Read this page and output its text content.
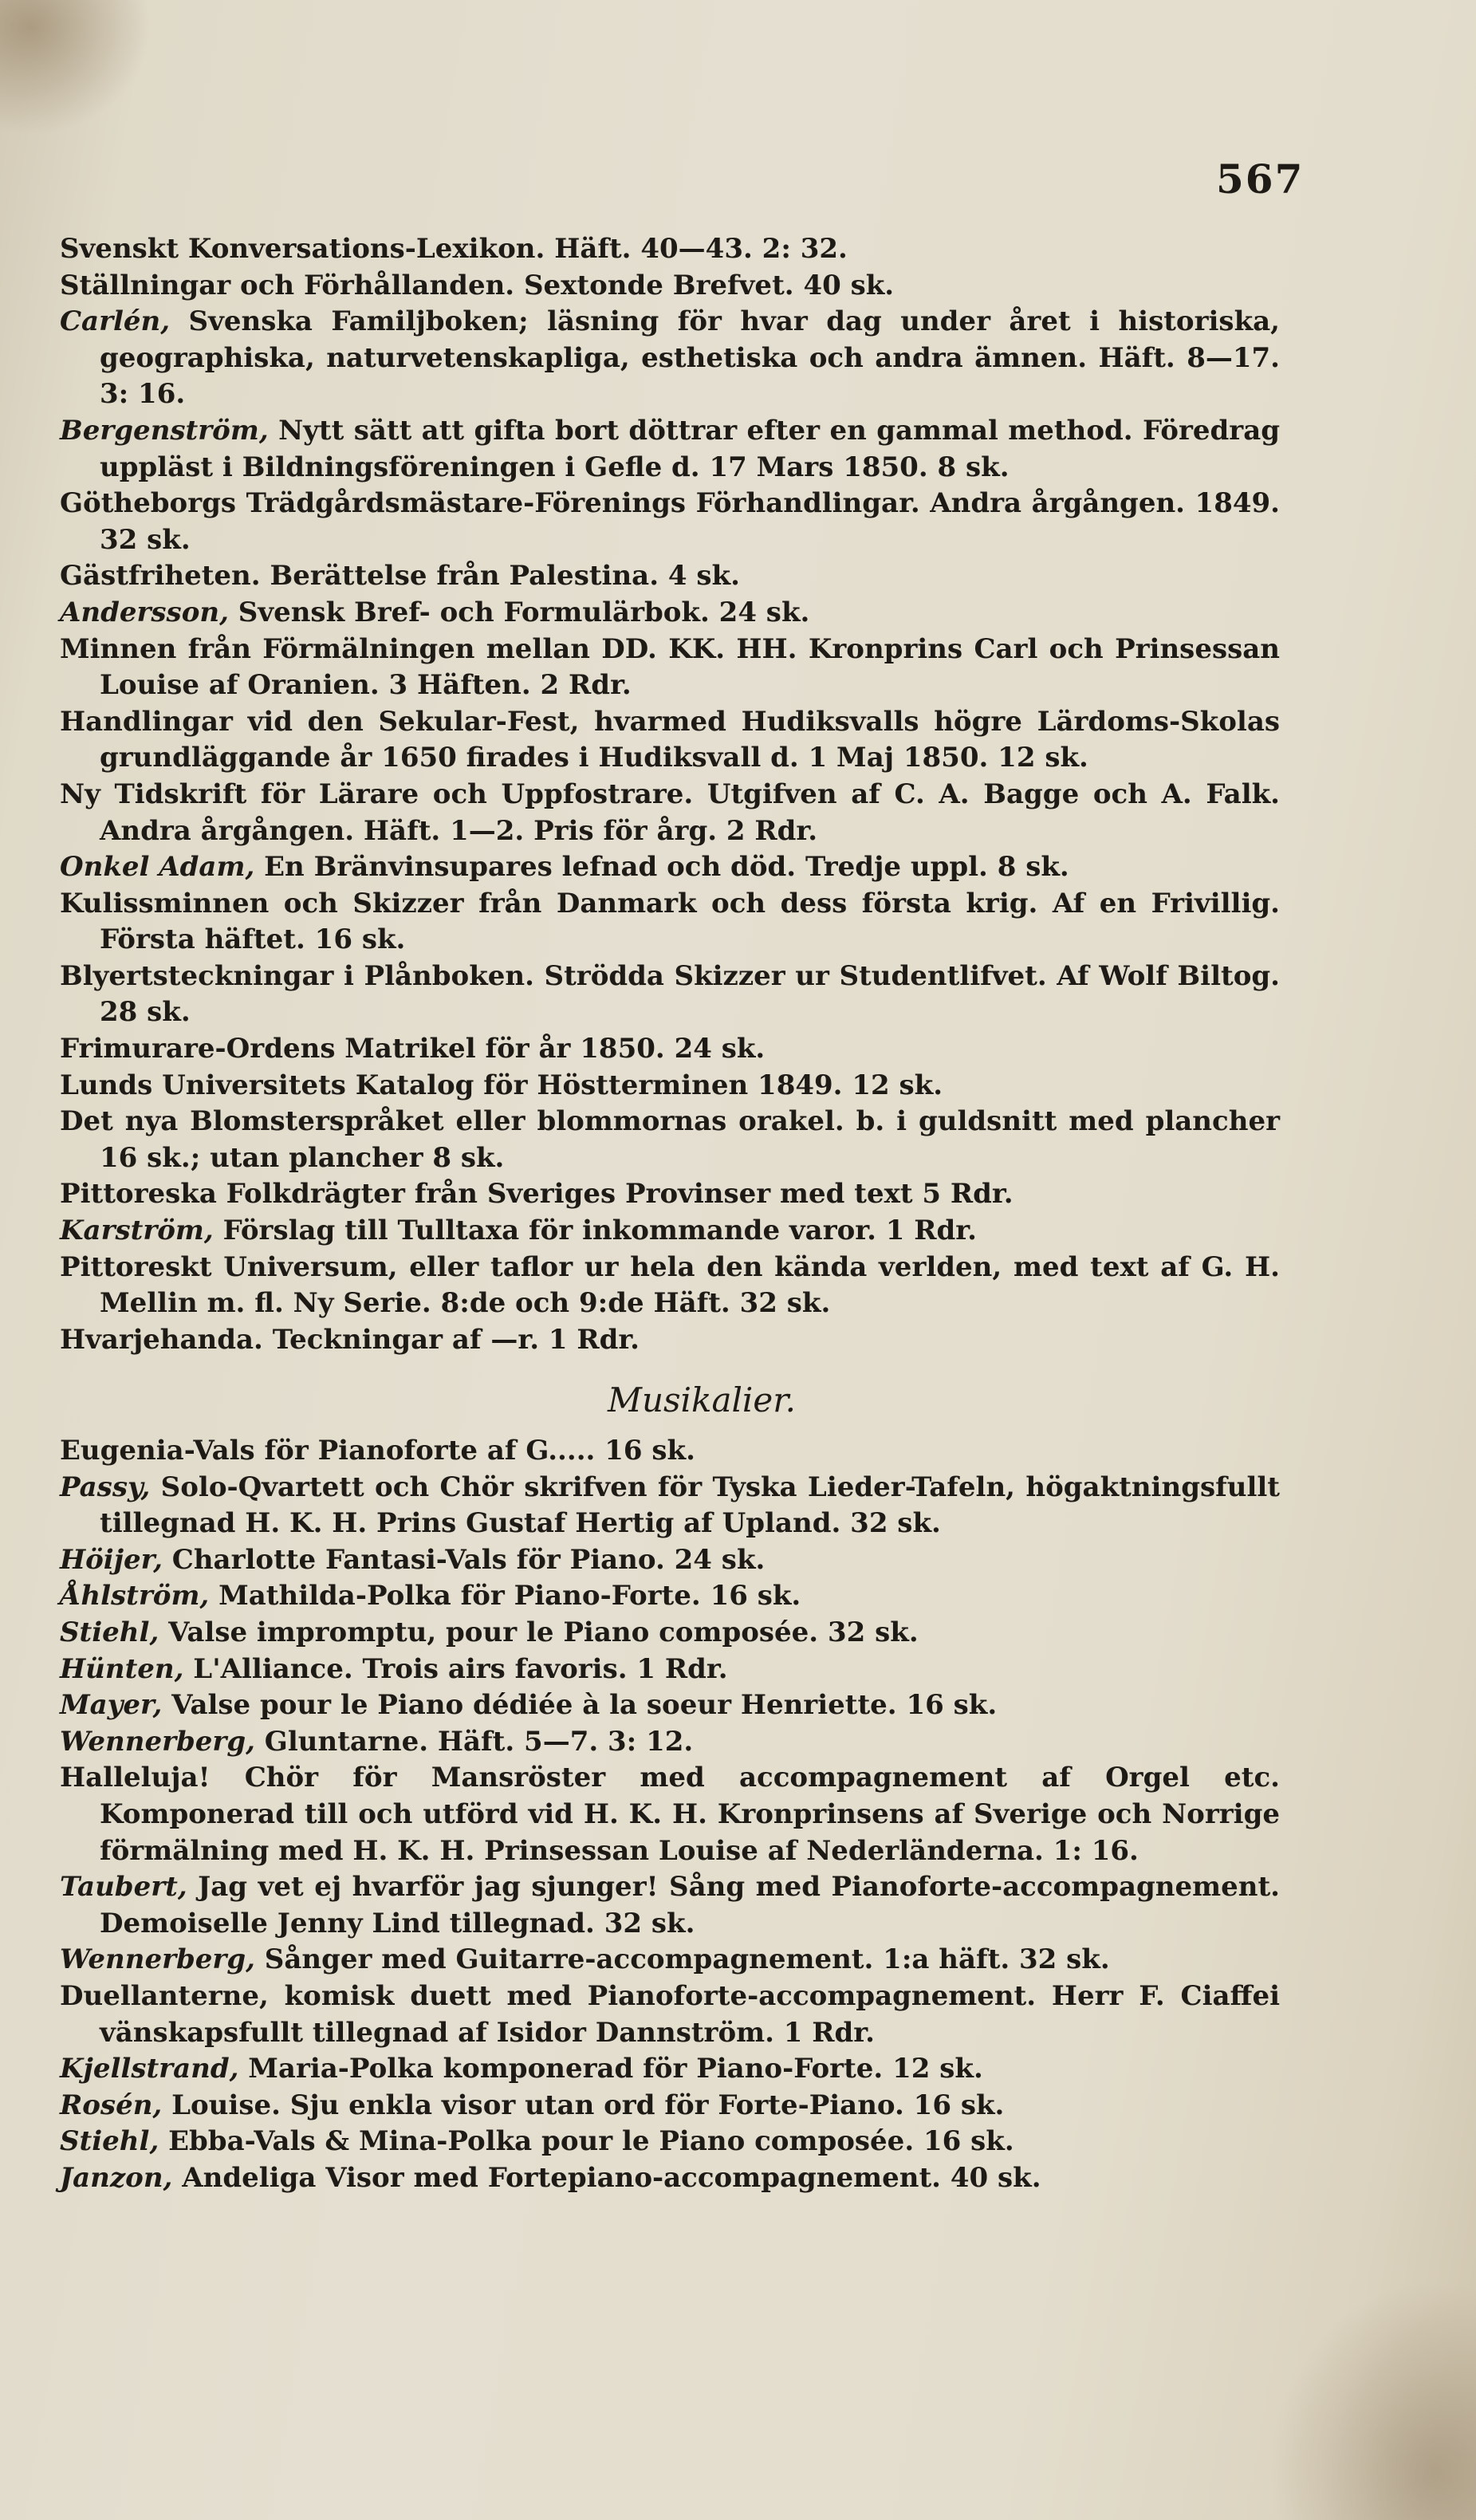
567
Svenskt Konversations-Lexikon. Häft. 40—43. 2: 32.
Ställningar och Förhållanden. Sextonde Brefvet. 40 sk.
Carlén, Svenska Familjboken; läsning för hvar dag under året i historiska, geographiska, naturvetenskapliga, esthetiska och andra ämnen. Häft. 8—17. 3: 16.
Bergenström, Nytt sätt att gifta bort döttrar efter en gammal method. Föredrag uppläst i Bildningsföreningen i Gefle d. 17 Mars 1850. 8 sk.
Götheborgs Trädgårdsmästare-Förenings Förhandlingar. Andra årgången. 1849. 32 sk.
Gästfriheten. Berättelse från Palestina. 4 sk.
Andersson, Svensk Bref- och Formulärbok. 24 sk.
Minnen från Förmälningen mellan DD. KK. HH. Kronprins Carl och Prinsessan Louise af Oranien. 3 Häften. 2 Rdr.
Handlingar vid den Sekular-Fest, hvarmed Hudiksvalls högre Lärdoms-Skolas grundläggande år 1650 firades i Hudiksvall d. 1 Maj 1850. 12 sk.
Ny Tidskrift för Lärare och Uppfostrare. Utgifven af C. A. Bagge och A. Falk. Andra årgången. Häft. 1—2. Pris för årg. 2 Rdr.
Onkel Adam, En Bränvinsupares lefnad och död. Tredje uppl. 8 sk.
Kulissminnen och Skizzer från Danmark och dess första krig. Af en Frivillig. Första häftet. 16 sk.
Blyertsteckningar i Plånboken. Strödda Skizzer ur Studentlifvet. Af Wolf Biltog. 28 sk.
Frimurare-Ordens Matrikel för år 1850. 24 sk.
Lunds Universitets Katalog för Höstterminen 1849. 12 sk.
Det nya Blomsterspråket eller blommornas orakel. b. i guldsnitt med plancher 16 sk.; utan plancher 8 sk.
Pittoreska Folkdrägter från Sveriges Provinser med text 5 Rdr.
Karström, Förslag till Tulltaxa för inkommande varor. 1 Rdr.
Pittoreskt Universum, eller taflor ur hela den kända verlden, med text af G. H. Mellin m. fl. Ny Serie. 8:de och 9:de Häft. 32 sk.
Hvarjehanda. Teckningar af —r. 1 Rdr.
Musikalier.
Eugenia-Vals för Pianoforte af G..... 16 sk.
Passy, Solo-Qvartett och Chör skrifven för Tyska Lieder-Tafeln, högaktningsfullt tillegnad H. K. H. Prins Gustaf Hertig af Upland. 32 sk.
Höijer, Charlotte Fantasi-Vals för Piano. 24 sk.
Åhlström, Mathilda-Polka för Piano-Forte. 16 sk.
Stiehl, Valse impromptu, pour le Piano composée. 32 sk.
Hünten, L'Alliance. Trois airs favoris. 1 Rdr.
Mayer, Valse pour le Piano dédiée à la soeur Henriette. 16 sk.
Wennerberg, Gluntarne. Häft. 5—7. 3: 12.
Halleluja! Chör för Mansröster med accompagnement af Orgel etc. Komponerad till och utförd vid H. K. H. Kronprinsens af Sverige och Norrige förmälning med H. K. H. Prinsessan Louise af Nederländerna. 1: 16.
Taubert, Jag vet ej hvarför jag sjunger! Sång med Pianoforte-accompagnement. Demoiselle Jenny Lind tillegnad. 32 sk.
Wennerberg, Sånger med Guitarre-accompagnement. 1:a häft. 32 sk.
Duellanterne, komisk duett med Pianoforte-accompagnement. Herr F. Ciaffei vänskapsfullt tillegnad af Isidor Dannström. 1 Rdr.
Kjellstrand, Maria-Polka komponerad för Piano-Forte. 12 sk.
Rosén, Louise. Sju enkla visor utan ord för Forte-Piano. 16 sk.
Stiehl, Ebba-Vals & Mina-Polka pour le Piano composée. 16 sk.
Janzon, Andeliga Visor med Fortepiano-accompagnement. 40 sk.
